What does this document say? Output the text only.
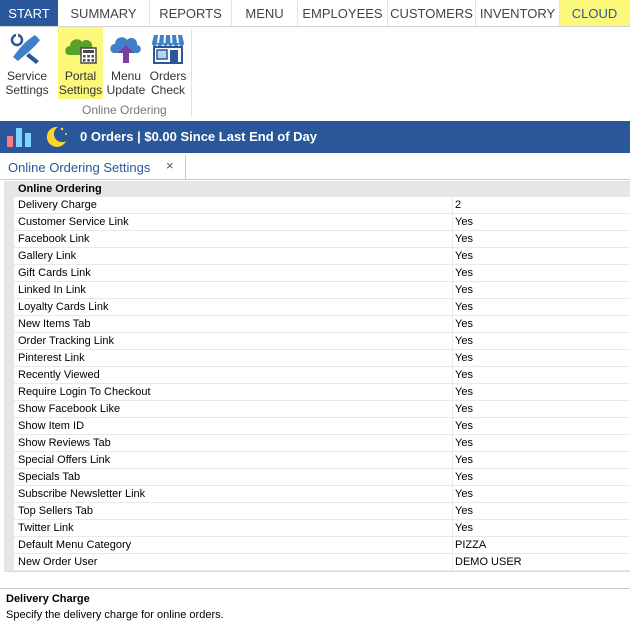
START	SUMMARY	REPORTS	MENU	EMPLOYEES CUSTOMERS INVENTORY	CLOUD
Service
Settings
Portal
Settings
Menu
Update
Orders
Check
Online Ordering
0 Orders | $0.00 Since Last End of Day
Online Ordering Settings ×
Online Ordering
Delivery Charge	2
Customer Service Link	Yes
Facebook Link	Yes
Gallery Link	Yes
Gift Cards Link	Yes
Linked In Link	Yes
Loyalty Cards Link	Yes
New Items Tab	Yes
Order Tracking Link	Yes
Pinterest Link	Yes
Recently Viewed	Yes
Require Login To Checkout	Yes
Show Facebook Like	Yes
Show Item ID	Yes
Show Reviews Tab	Yes
Special Offers Link	Yes
Specials Tab	Yes
Subscribe Newsletter Link	Yes
Top Sellers Tab	Yes
Twitter Link	Yes
Default Menu Category	PIZZA
New Order User	DEMO USER
Delivery Charge
Specify the delivery charge for online orders.
